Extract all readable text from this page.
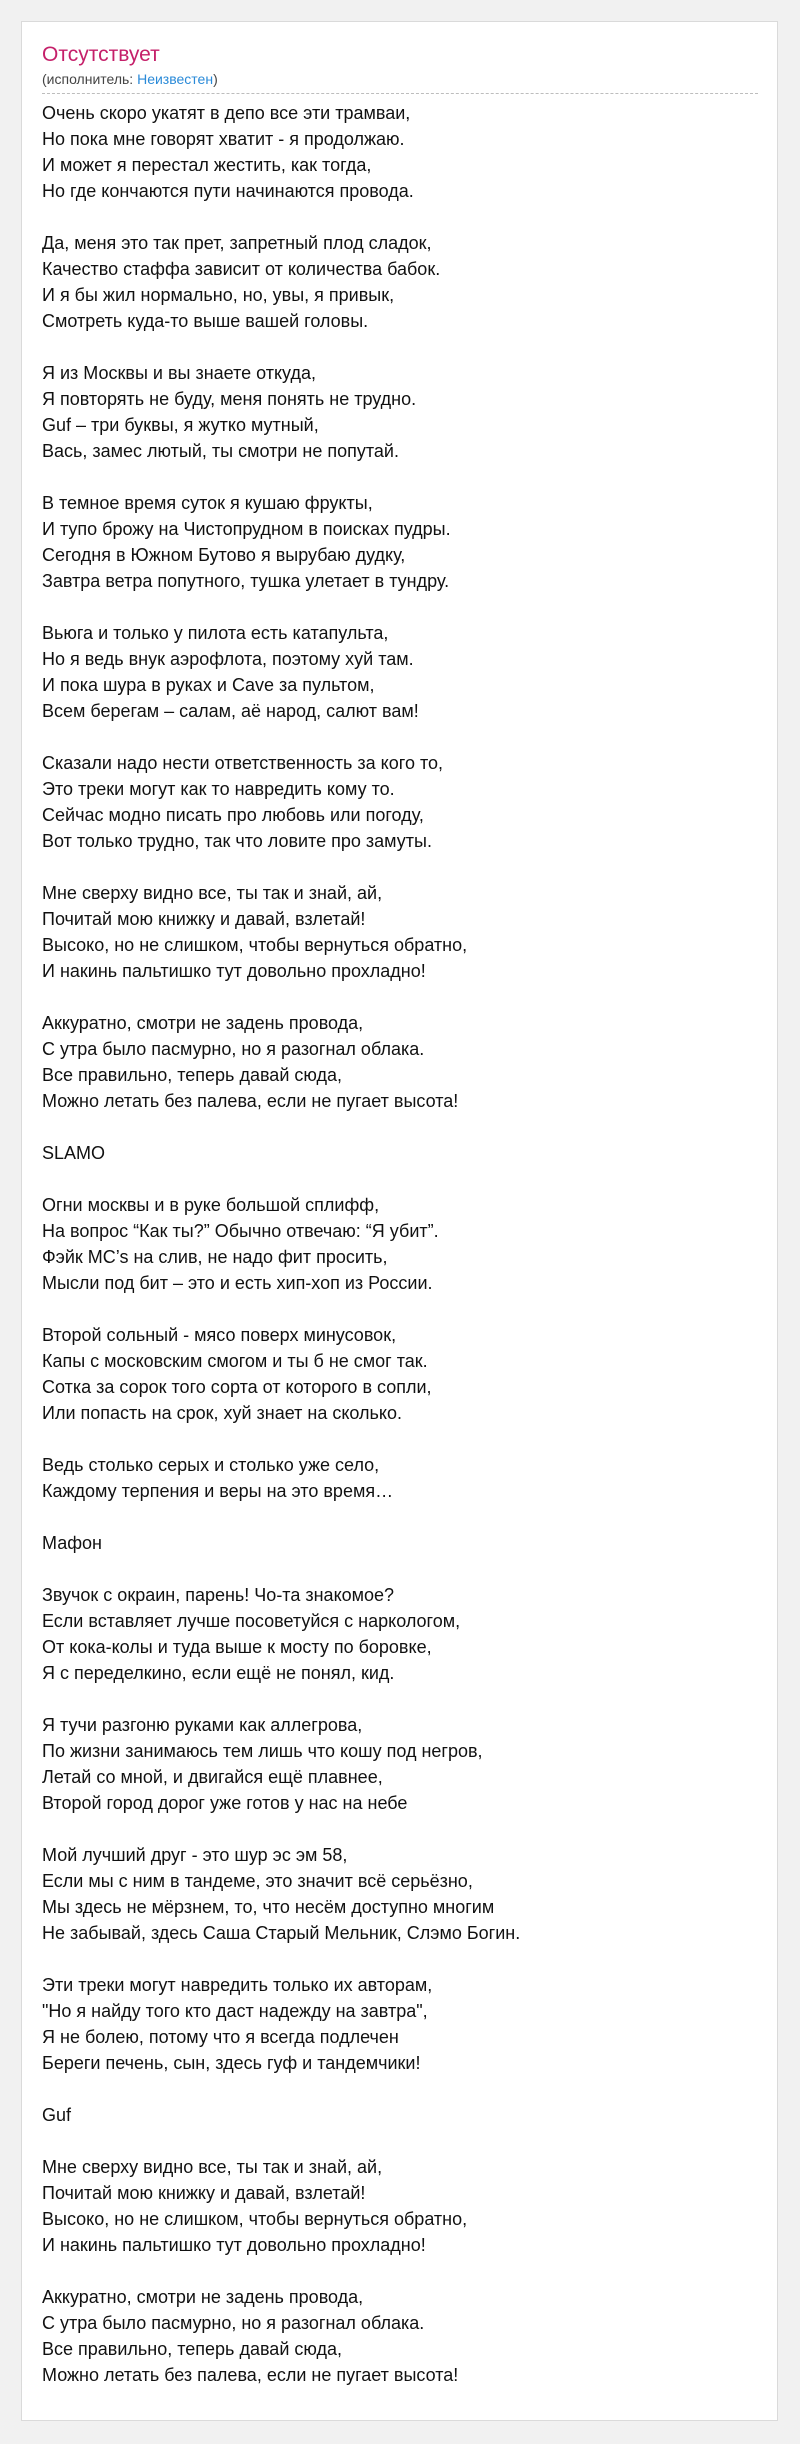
Отсутствует

(исполнитель: Неизвестен)

Очень скоро укатят в депо все эти трамваи,
Но пока мне говорят хватит - я продолжаю.
И может я перестал жестить, как тогда,
Но где кончаются пути начинаются провода.

Да, меня это так прет, запретный плод сладок,
Качество стаффа зависит от количества бабок.
И я бы жил нормально, но, увы, я привык,
Смотреть куда-то выше вашей головы.

Я из Москвы и вы знаете откуда,
Я повторять не буду, меня понять не трудно.
Guf – три буквы, я жутко мутный,
Вась, замес лютый, ты смотри не попутай.

В темное время суток я кушаю фрукты,
И тупо брожу на Чистопрудном в поисках пудры.
Сегодня в Южном Бутово я вырубаю дудку,
Завтра ветра попутного, тушка улетает в тундру.

Вьюга и только у пилота есть катапульта,
Но я ведь внук аэрофлота, поэтому хуй там.
И пока шура в руках и Cave за пультом,
Всем берегам – салам, аё народ, салют вам!

Сказали надо нести ответственность за кого то,
Это треки могут как то навредить кому то.
Сейчас модно писать про любовь или погоду,
Вот только трудно, так что ловите про замуты.

Мне сверху видно все, ты так и знай, ай,
Почитай мою книжку и давай, взлетай!
Высоко, но не слишком, чтобы вернуться обратно,
И накинь пальтишко тут довольно прохладно!

Аккуратно, смотри не задень провода,
С утра было пасмурно, но я разогнал облака.
Все правильно, теперь давай сюда,
Можно летать без палева, если не пугает высота!

SLAMO

Огни москвы и в руке большой сплифф,
На вопрос “Как ты?” Обычно отвечаю: “Я убит”.
Фэйк MC’s на слив, не надо фит просить,
Мысли под бит – это и есть хип-хоп из России.

Второй сольный - мясо поверх минусовок,
Капы с московским смогом и ты б не смог так.
Сотка за сорок того сорта от которого в сопли,
Или попасть на срок, хуй знает на сколько.

Ведь столько серых и столько уже село,
Каждому терпения и веры на это время…

Мафон

Звучок с окраин, парень! Чо-та знакомое?
Если вставляет лучше посоветуйся с наркологом,
От кока-колы и туда выше к мосту по боровке,
Я с переделкино, если ещё не понял, кид.

Я тучи разгоню руками как аллегрова,
По жизни занимаюсь тем лишь что кошу под негров,
Летай со мной, и двигайся ещё плавнее,
Второй город дорог уже готов у нас на небе

Мой лучший друг - это шур эс эм 58,
Если мы с ним в тандеме, это значит всё серьёзно,
Мы здесь не мёрзнем, то, что несём доступно многим
Не забывай, здесь Саша Старый Мельник, Слэмо Богин.

Эти треки могут навредить только их авторам,
"Но я найду того кто даст надежду на завтра",
Я не болею, потому что я всегда подлечен
Береги печень, сын, здесь гуф и тандемчики!

Guf

Мне сверху видно все, ты так и знай, ай,
Почитай мою книжку и давай, взлетай!
Высоко, но не слишком, чтобы вернуться обратно,
И накинь пальтишко тут довольно прохладно!

Аккуратно, смотри не задень провода,
С утра было пасмурно, но я разогнал облака.
Все правильно, теперь давай сюда,
Можно летать без палева, если не пугает высота!
